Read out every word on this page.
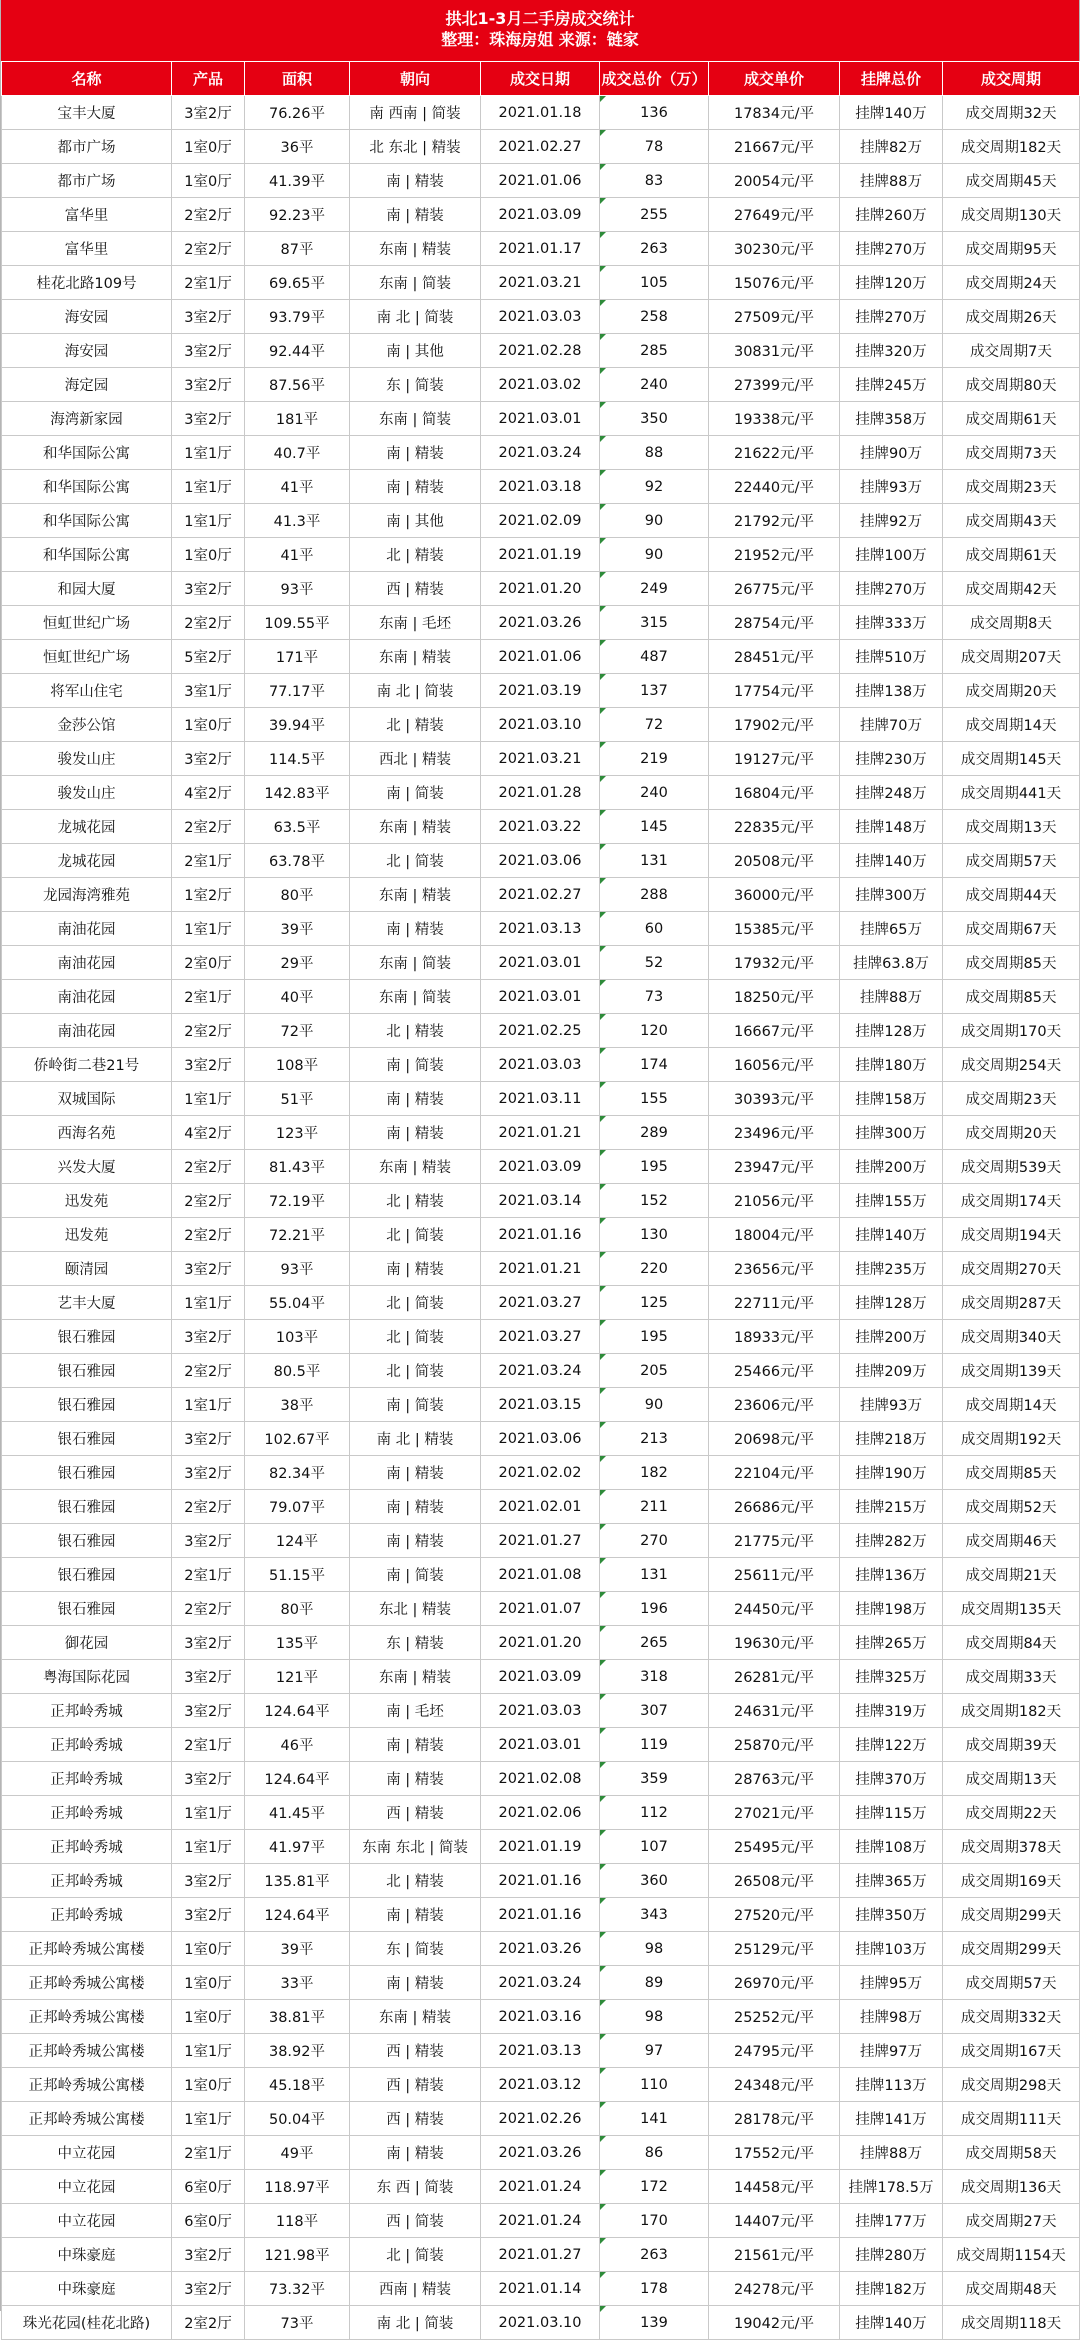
拱北1-3月二手房成交统计
整理：珠海房姐 来源：链家
名称	产品	面积	朝向	成交日期	成交总价（万）	成交单价	挂牌总价	成交周期
宝丰大厦	3室2厅	76.26平	南 西南 | 简装	2021.01.18	136	17834元/平	挂牌140万	成交周期32天
都市广场	1室0厅	36平	北 东北 | 精装	2021.02.27	78	21667元/平	挂牌82万	成交周期182天
都市广场	1室0厅	41.39平	南 | 精装	2021.01.06	83	20054元/平	挂牌88万	成交周期45天
富华里	2室2厅	92.23平	南 | 精装	2021.03.09	255	27649元/平	挂牌260万	成交周期130天
富华里	2室2厅	87平	东南 | 精装	2021.01.17	263	30230元/平	挂牌270万	成交周期95天
桂花北路109号	2室1厅	69.65平	东南 | 简装	2021.03.21	105	15076元/平	挂牌120万	成交周期24天
海安园	3室2厅	93.79平	南 北 | 简装	2021.03.03	258	27509元/平	挂牌270万	成交周期26天
海安园	3室2厅	92.44平	南 | 其他	2021.02.28	285	30831元/平	挂牌320万	成交周期7天
海定园	3室2厅	87.56平	东 | 简装	2021.03.02	240	27399元/平	挂牌245万	成交周期80天
海湾新家园	3室2厅	181平	东南 | 简装	2021.03.01	350	19338元/平	挂牌358万	成交周期61天
和华国际公寓	1室1厅	40.7平	南 | 精装	2021.03.24	88	21622元/平	挂牌90万	成交周期73天
和华国际公寓	1室1厅	41平	南 | 精装	2021.03.18	92	22440元/平	挂牌93万	成交周期23天
和华国际公寓	1室1厅	41.3平	南 | 其他	2021.02.09	90	21792元/平	挂牌92万	成交周期43天
和华国际公寓	1室0厅	41平	北 | 精装	2021.01.19	90	21952元/平	挂牌100万	成交周期61天
和园大厦	3室2厅	93平	西 | 精装	2021.01.20	249	26775元/平	挂牌270万	成交周期42天
恒虹世纪广场	2室2厅	109.55平	东南 | 毛坯	2021.03.26	315	28754元/平	挂牌333万	成交周期8天
恒虹世纪广场	5室2厅	171平	东南 | 精装	2021.01.06	487	28451元/平	挂牌510万	成交周期207天
将军山住宅	3室1厅	77.17平	南 北 | 简装	2021.03.19	137	17754元/平	挂牌138万	成交周期20天
金莎公馆	1室0厅	39.94平	北 | 精装	2021.03.10	72	17902元/平	挂牌70万	成交周期14天
骏发山庄	3室2厅	114.5平	西北 | 精装	2021.03.21	219	19127元/平	挂牌230万	成交周期145天
骏发山庄	4室2厅	142.83平	南 | 简装	2021.01.28	240	16804元/平	挂牌248万	成交周期441天
龙城花园	2室2厅	63.5平	东南 | 精装	2021.03.22	145	22835元/平	挂牌148万	成交周期13天
龙城花园	2室1厅	63.78平	北 | 简装	2021.03.06	131	20508元/平	挂牌140万	成交周期57天
龙园海湾雅苑	1室2厅	80平	东南 | 精装	2021.02.27	288	36000元/平	挂牌300万	成交周期44天
南油花园	1室1厅	39平	南 | 精装	2021.03.13	60	15385元/平	挂牌65万	成交周期67天
南油花园	2室0厅	29平	东南 | 简装	2021.03.01	52	17932元/平	挂牌63.8万	成交周期85天
南油花园	2室1厅	40平	东南 | 简装	2021.03.01	73	18250元/平	挂牌88万	成交周期85天
南油花园	2室2厅	72平	北 | 精装	2021.02.25	120	16667元/平	挂牌128万	成交周期170天
侨岭街二巷21号	3室2厅	108平	南 | 简装	2021.03.03	174	16056元/平	挂牌180万	成交周期254天
双城国际	1室1厅	51平	南 | 精装	2021.03.11	155	30393元/平	挂牌158万	成交周期23天
西海名苑	4室2厅	123平	南 | 精装	2021.01.21	289	23496元/平	挂牌300万	成交周期20天
兴发大厦	2室2厅	81.43平	东南 | 精装	2021.03.09	195	23947元/平	挂牌200万	成交周期539天
迅发苑	2室2厅	72.19平	北 | 精装	2021.03.14	152	21056元/平	挂牌155万	成交周期174天
迅发苑	2室2厅	72.21平	北 | 简装	2021.01.16	130	18004元/平	挂牌140万	成交周期194天
颐清园	3室2厅	93平	南 | 精装	2021.01.21	220	23656元/平	挂牌235万	成交周期270天
艺丰大厦	1室1厅	55.04平	北 | 简装	2021.03.27	125	22711元/平	挂牌128万	成交周期287天
银石雅园	3室2厅	103平	北 | 简装	2021.03.27	195	18933元/平	挂牌200万	成交周期340天
银石雅园	2室2厅	80.5平	北 | 简装	2021.03.24	205	25466元/平	挂牌209万	成交周期139天
银石雅园	1室1厅	38平	南 | 简装	2021.03.15	90	23606元/平	挂牌93万	成交周期14天
银石雅园	3室2厅	102.67平	南 北 | 精装	2021.03.06	213	20698元/平	挂牌218万	成交周期192天
银石雅园	3室2厅	82.34平	南 | 精装	2021.02.02	182	22104元/平	挂牌190万	成交周期85天
银石雅园	2室2厅	79.07平	南 | 精装	2021.02.01	211	26686元/平	挂牌215万	成交周期52天
银石雅园	3室2厅	124平	南 | 精装	2021.01.27	270	21775元/平	挂牌282万	成交周期46天
银石雅园	2室1厅	51.15平	南 | 简装	2021.01.08	131	25611元/平	挂牌136万	成交周期21天
银石雅园	2室2厅	80平	东北 | 精装	2021.01.07	196	24450元/平	挂牌198万	成交周期135天
御花园	3室2厅	135平	东 | 精装	2021.01.20	265	19630元/平	挂牌265万	成交周期84天
粤海国际花园	3室2厅	121平	东南 | 精装	2021.03.09	318	26281元/平	挂牌325万	成交周期33天
正邦岭秀城	3室2厅	124.64平	南 | 毛坯	2021.03.03	307	24631元/平	挂牌319万	成交周期182天
正邦岭秀城	2室1厅	46平	南 | 精装	2021.03.01	119	25870元/平	挂牌122万	成交周期39天
正邦岭秀城	3室2厅	124.64平	南 | 精装	2021.02.08	359	28763元/平	挂牌370万	成交周期13天
正邦岭秀城	1室1厅	41.45平	西 | 精装	2021.02.06	112	27021元/平	挂牌115万	成交周期22天
正邦岭秀城	1室1厅	41.97平	东南 东北 | 简装	2021.01.19	107	25495元/平	挂牌108万	成交周期378天
正邦岭秀城	3室2厅	135.81平	北 | 精装	2021.01.16	360	26508元/平	挂牌365万	成交周期169天
正邦岭秀城	3室2厅	124.64平	南 | 精装	2021.01.16	343	27520元/平	挂牌350万	成交周期299天
正邦岭秀城公寓楼	1室0厅	39平	东 | 简装	2021.03.26	98	25129元/平	挂牌103万	成交周期299天
正邦岭秀城公寓楼	1室0厅	33平	南 | 精装	2021.03.24	89	26970元/平	挂牌95万	成交周期57天
正邦岭秀城公寓楼	1室0厅	38.81平	东南 | 精装	2021.03.16	98	25252元/平	挂牌98万	成交周期332天
正邦岭秀城公寓楼	1室1厅	38.92平	西 | 精装	2021.03.13	97	24795元/平	挂牌97万	成交周期167天
正邦岭秀城公寓楼	1室0厅	45.18平	西 | 精装	2021.03.12	110	24348元/平	挂牌113万	成交周期298天
正邦岭秀城公寓楼	1室1厅	50.04平	西 | 精装	2021.02.26	141	28178元/平	挂牌141万	成交周期111天
中立花园	2室1厅	49平	南 | 精装	2021.03.26	86	17552元/平	挂牌88万	成交周期58天
中立花园	6室0厅	118.97平	东 西 | 简装	2021.01.24	172	14458元/平	挂牌178.5万	成交周期136天
中立花园	6室0厅	118平	西 | 简装	2021.01.24	170	14407元/平	挂牌177万	成交周期27天
中珠豪庭	3室2厅	121.98平	北 | 简装	2021.01.27	263	21561元/平	挂牌280万	成交周期1154天
中珠豪庭	3室2厅	73.32平	西南 | 精装	2021.01.14	178	24278元/平	挂牌182万	成交周期48天
珠光花园(桂花北路)	2室2厅	73平	南 北 | 简装	2021.03.10	139	19042元/平	挂牌140万	成交周期118天
